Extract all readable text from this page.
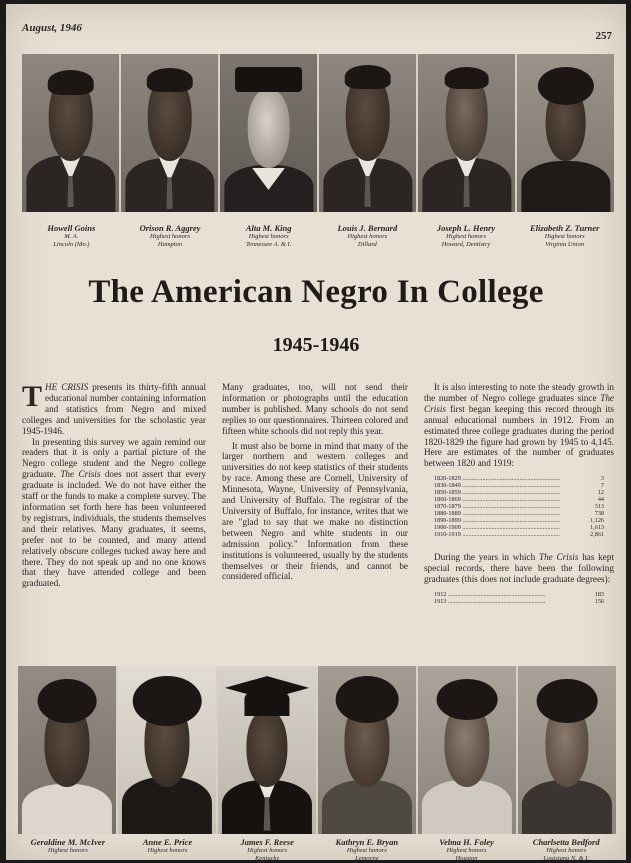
August, 1946
257
Howell Goins
M. A.
Lincoln (Mo.)
Orison R. Aggrey
Highest honors
Hampton
Alta M. King
Highest honors
Tennessee A. & I.
Louis J. Bernard
Highest honors
Dillard
Joseph L. Henry
Highest honors
Howard, Dentistry
Elizabeth Z. Turner
Highest honors
Virginia Union
The American Negro In College
1945-1946

THE CRISIS presents its thirty-fifth annual educational number containing information and statistics from Negro and mixed colleges and universities for the scholastic year 1945-1946.

In presenting this survey we again remind our readers that it is only a partial picture of the Negro college student and the Negro college graduate. The Crisis does not assert that every graduate is included. We do not have either the staff or the funds to make a complete survey. The information set forth here has been volunteered by registrars, individuals, the students themselves and their relatives. Many graduates, it seems, prefer not to be counted, and many attend relatively obscure colleges tucked away here and there. They do not speak up and no one knows that they have attended college and been graduated.

Many graduates, too, will not send their information or photographs until the education number is published. Many schools do not send replies to our questionnaires. Thirteen colored and fifteen white schools did not reply this year.

It must also be borne in mind that many of the larger northern and western colleges and universities do not keep statistics of their students by race. Among these are Cornell, University of Minnesota, Wayne, University of Pennsylvania, and University of Buffalo. The registrar of the University of Buffalo, for instance, writes that we are "glad to say that we make no distinction between Negro and white students in our admission policy." Information from these institutions is volunteered, usually by the students themselves or their friends, and cannot be considered official.

It is also interesting to note the steady growth in the number of Negro college graduates since The Crisis first began keeping this record through its annual educational numbers in 1912. From an estimated three college graduates during the period 1820-1829 the figure had grown by 1945 to 4,145. Here are estimates of the number of graduates between 1820 and 1919:

1820-1829 .....	3
1830-1849 .....	7
1850-1859 .....	12
1860-1869 .....	44
1870-1879 .....	313
1880-1889 .....	738
1890-1899 .....	1,126
1900-1909 .....	1,613
1910-1919 .....	2,861

During the years in which The Crisis has kept special records, there have been the following graduates (this does not include graduate degrees):

1912 .....	183
1913 .....	156
Geraldine M. McIver
Highest honors
Anne E. Price
Highest honors
James F. Reese
Highest honors
Kentucky
Kathryn E. Bryan
Highest honors
Lemoyne
Velma H. Foley
Highest honors
Houston
Charlsetta Bedford
Highest honors
Louisiana N. & I.
